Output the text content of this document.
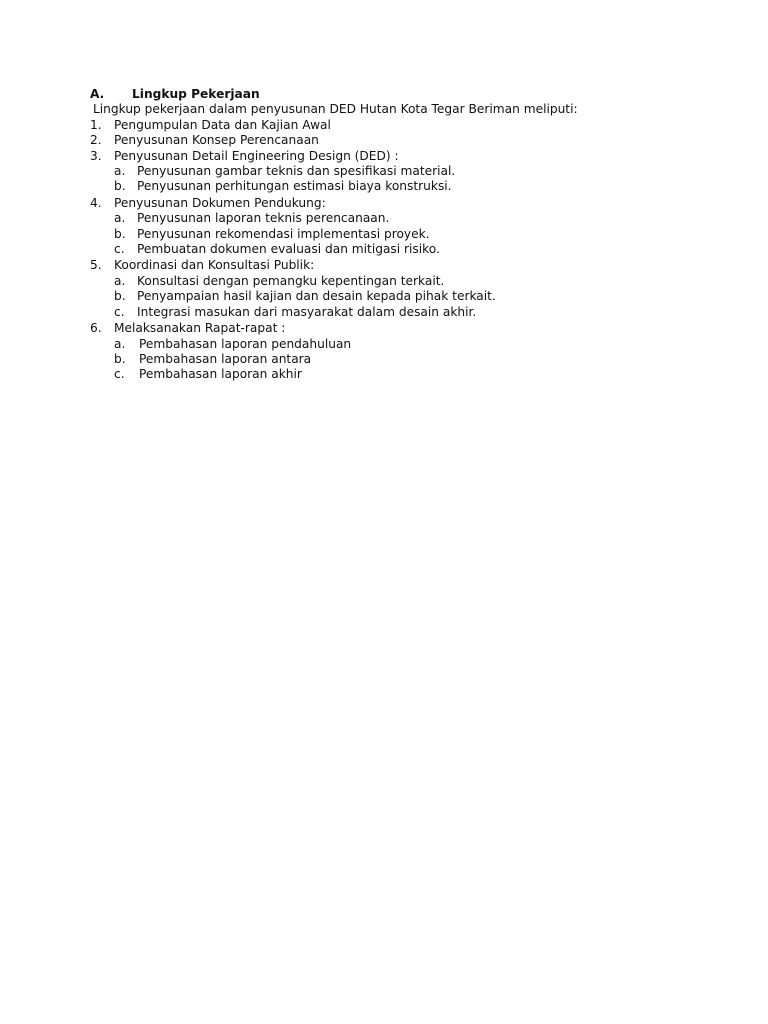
A.	Lingkup Pekerjaan
Lingkup pekerjaan dalam penyusunan DED Hutan Kota Tegar Beriman meliputi:
1.	Pengumpulan Data dan Kajian Awal
2.	Penyusunan Konsep Perencanaan
3.	Penyusunan Detail Engineering Design (DED) :
a. Penyusunan gambar teknis dan spesifikasi material.
b. Penyusunan perhitungan estimasi biaya konstruksi.
4.	Penyusunan Dokumen Pendukung:
a. Penyusunan laporan teknis perencanaan.
b. Penyusunan rekomendasi implementasi proyek.
c.	Pembuatan dokumen evaluasi dan mitigasi risiko.
5.	Koordinasi dan Konsultasi Publik:
a. Konsultasi dengan pemangku kepentingan terkait.
b. Penyampaian hasil kajian dan desain kepada pihak terkait.
c.	Integrasi masukan dari masyarakat dalam desain akhir.
6.	Melaksanakan Rapat-rapat :
a.	Pembahasan laporan pendahuluan
b.	Pembahasan laporan antara
c.	Pembahasan laporan akhir
